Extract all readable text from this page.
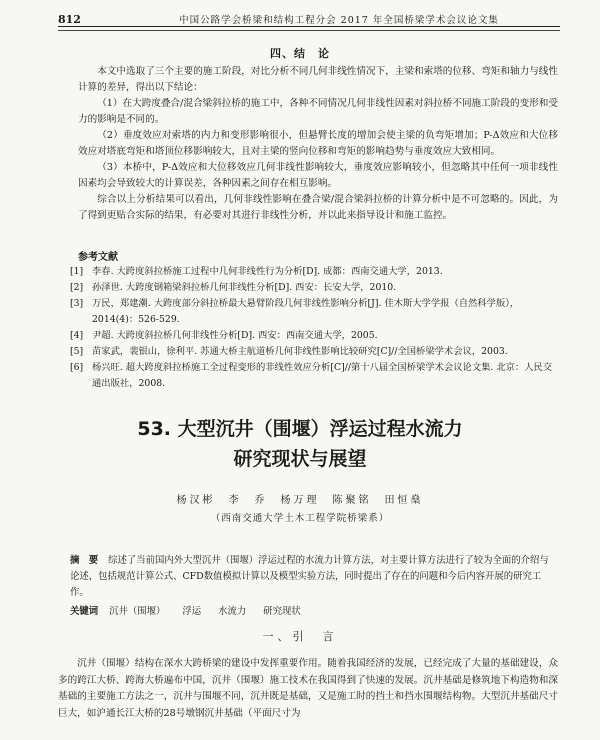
812	中国公路学会桥梁和结构工程分会 2017 年全国桥梁学术会议论文集
四、结　论

本文中选取了三个主要的施工阶段，对比分析不同几何非线性情况下，主梁和索塔的位移、弯矩和轴力与线性计算的差异，得出以下结论：

（1）在大跨度叠合/混合梁斜拉桥的施工中，各种不同情况几何非线性因素对斜拉桥不同施工阶段的变形和受力的影响是不同的。

（2）垂度效应对索塔的内力和变形影响很小，但悬臂长度的增加会使主梁的负弯矩增加；P-Δ效应和大位移效应对塔底弯矩和塔顶位移影响较大，且对主梁的竖向位移和弯矩的影响趋势与垂度效应大致相同。

（3）本桥中，P-Δ效应和大位移效应几何非线性影响较大，垂度效应影响较小，但忽略其中任何一项非线性因素均会导致较大的计算误差，各种因素之间存在相互影响。

综合以上分析结果可以看出，几何非线性影响在叠合梁/混合梁斜拉桥的计算分析中是不可忽略的。因此，为了得到更贴合实际的结果，有必要对其进行非线性分析，并以此来指导设计和施工监控。

参考文献
[1] 李春. 大跨度斜拉桥施工过程中几何非线性行为分析[D]. 成都：西南交通大学，2013.
[2] 孙泽世. 大跨度钢箱梁斜拉桥几何非线性分析[D]. 西安：长安大学，2010.
[3] 万民，郑建潮. 大跨度部分斜拉桥最大悬臂阶段几何非线性影响分析[J]. 佳木斯大学学报（自然科学版），2014(4)：526-529.
[4] 尹超. 大跨度斜拉桥几何非线性分析[D]. 西安：西南交通大学，2005.
[5] 苗家武，裴银山，徐利平. 苏通大桥主航道桥几何非线性影响比较研究[C]//全国桥梁学术会议，2003.
[6] 杨兴旺. 超大跨度斜拉桥施工全过程变形的非线性效应分析[C]//第十八届全国桥梁学术会议论文集. 北京：人民交通出版社，2008.
53. 大型沉井（围堰）浮运过程水流力
研究现状与展望
杨汉彬　李　乔　杨万理　陈聚铭　田恒燊
（西南交通大学土木工程学院桥梁系）
摘　要 综述了当前国内外大型沉井（围堰）浮运过程的水流力计算方法，对主要计算方法进行了较为全面的介绍与论述，包括规范计算公式、CFD数值模拟计算以及模型实验方法，同时提出了存在的问题和今后内容开展的研究工作。
关键词 沉井（围堰） 浮运 水流力 研究现状
一、引　言

沉井（围堰）结构在深水大跨桥梁的建设中发挥重要作用。随着我国经济的发展，已经完成了大量的基础建设，众多的跨江大桥、跨海大桥遍布中国，沉井（围堰）施工技术在我国得到了快速的发展。沉井基础是修筑地下构造物和深基础的主要施工方法之一，沉井与围堰不同，沉井既是基础，又是施工时的挡土和挡水围堰结构物。大型沉井基础尺寸巨大，如沪通长江大桥的28号墩钢沉井基础（平面尺寸为
